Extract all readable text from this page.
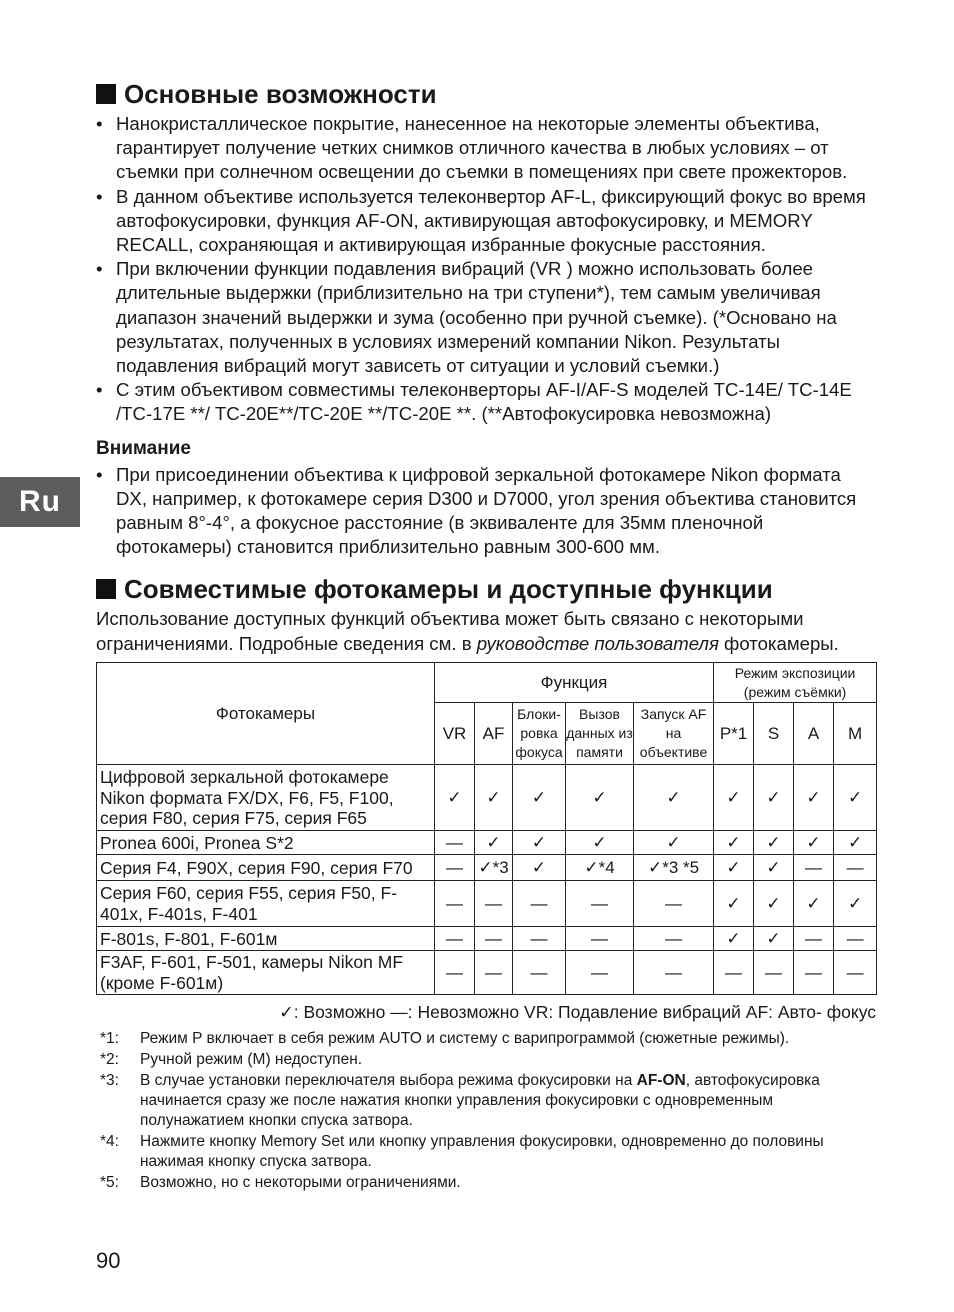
Ru
Основные возможности
• Нанокристаллическое покрытие, нанесенное на некоторые элементы объектива, гарантирует получение четких снимков отличного качества в любых условиях – от съемки при солнечном освещении до съемки в помещениях при свете прожекторов.
• В данном объективе используется телеконвертор AF-L, фиксирующий фокус во время автофокусировки, функция AF-ON, активирующая автофокусировку, и MEMORY RECALL, сохраняющая и активирующая избранные фокусные расстояния.
• При включении функции подавления вибраций (VR ) можно использовать более длительные выдержки (приблизительно на три ступени*), тем самым увеличивая диапазон значений выдержки и зума (особенно при ручной съемке). (*Основано на результатах, полученных в условиях измерений компании Nikon. Результаты подавления вибраций могут зависеть от ситуации и условий съемки.)
• С этим объективом совместимы телеконверторы AF-I/AF-S моделей TC-14E/ TC-14E /TC-17E **/ TC-20E**/TC-20E **/TC-20E **. (**Автофокусировка невозможна)
Внимание
• При присоединении объектива к цифровой зеркальной фотокамере Nikon формата DX, например, к фотокамере серия D300 и D7000, угол зрения объектива становится равным 8°-4°, а фокусное расстояние (в эквиваленте для 35мм пленочной фотокамеры) становится приблизительно равным 300-600 мм.
Совместимые фотокамеры и доступные функции
Использование доступных функций объектива может быть связано с некоторыми ограничениями. Подробные сведения см. в руководстве пользователя фотокамеры.
Фотокамеры	Функция					Режим экспозиции (режим съёмки)			
	VR	AF	Блоки-ровка фокуса	Вызов данных из памяти	Запуск AF на объективе	P*1	S	A	M
Цифровой зеркальной фотокамере Nikon формата FX/DX, F6, F5, F100, серия F80, серия F75, серия F65	✓	✓	✓	✓	✓	✓	✓	✓	✓
Pronea 600i, Pronea S*2	—	✓	✓	✓	✓	✓	✓	✓	✓
Серия F4, F90X, серия F90, серия F70	—	✓*3	✓	✓*4	✓*3 *5	✓	✓	—	—
Серия F60, серия F55, серия F50, F-401x, F-401s, F-401	—	—	—	—	—	✓	✓	✓	✓
F-801s, F-801, F-601м	—	—	—	—	—	✓	✓	—	—
F3AF, F-601, F-501, камеры Nikon MF (кроме F-601м)	—	—	—	—	—	—	—	—	—
✓: Возможно —: Невозможно VR: Подавление вибраций AF: Авто- фокус
*1:	Режим P включает в себя режим AUTO и систему с варипрограммой (сюжетные режимы).
*2:	Ручной режим (M) недоступен.
*3:	В случае установки переключателя выбора режима фокусировки на AF-ON, автофокусировка начинается сразу же после нажатия кнопки управления фокусировки с одновременным полунажатием кнопки спуска затвора.
*4:	Нажмите кнопку Memory Set или кнопку управления фокусировки, одновременно до половины нажимая кнопку спуска затвора.
*5:	Возможно, но с некоторыми ограничениями.
90
